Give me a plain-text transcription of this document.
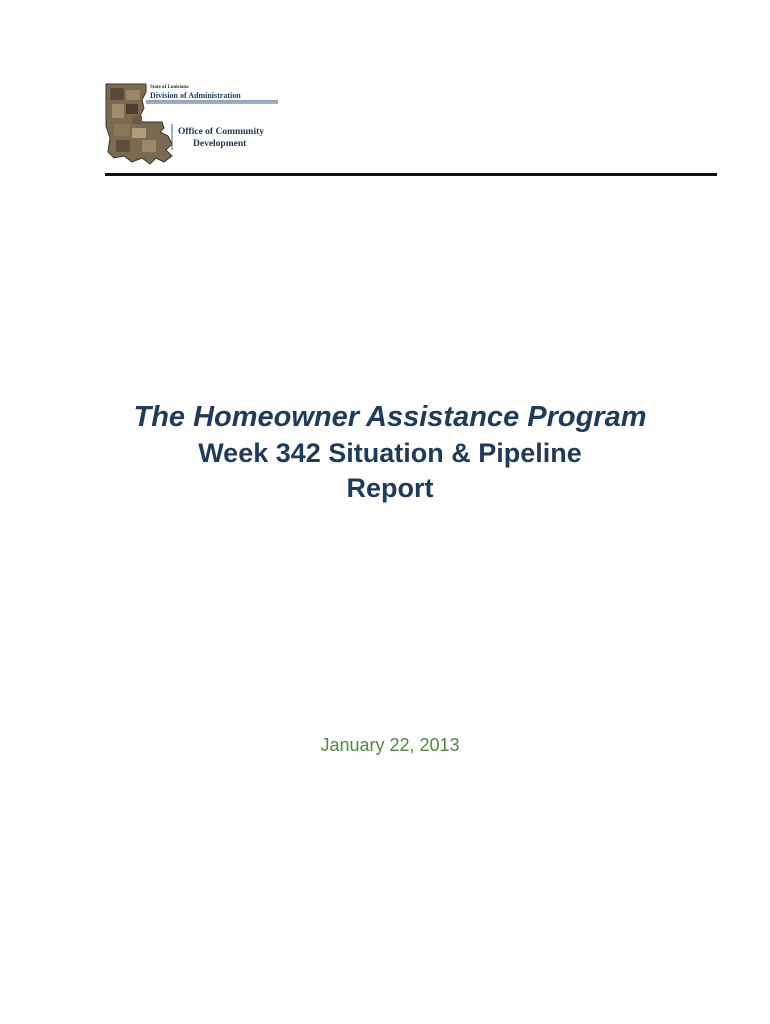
State of Louisiana
Division of Administration
Office of Community
Development
The Homeowner Assistance Program
Week 342 Situation & Pipeline
Report
January 22, 2013
